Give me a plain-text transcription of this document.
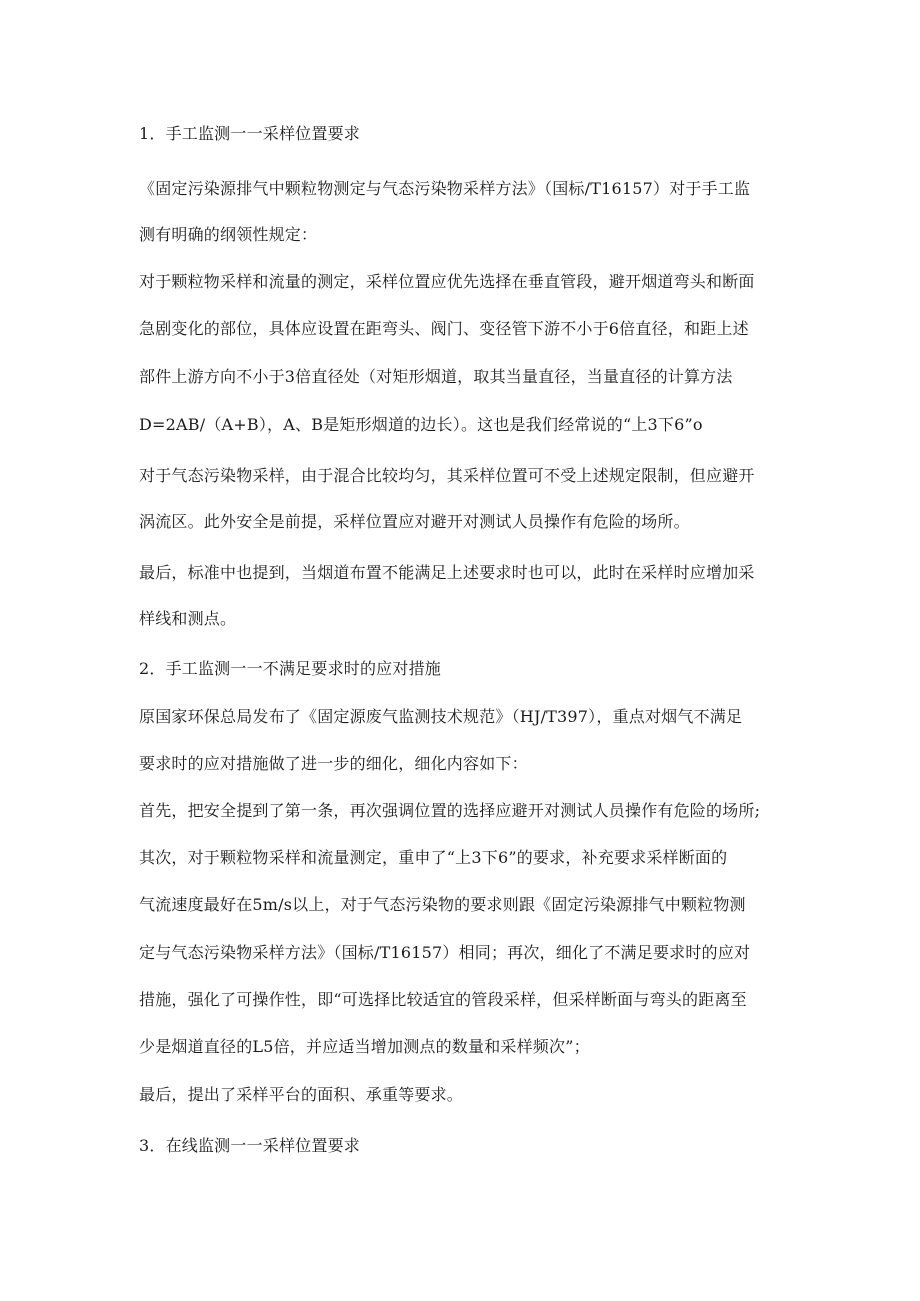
1．手工监测一一采样位置要求
《固定污染源排气中颗粒物测定与气态污染物采样方法》（国标/T16157）对于手工监
测有明确的纲领性规定：
对于颗粒物采样和流量的测定，采样位置应优先选择在垂直管段，避开烟道弯头和断面
急剧变化的部位，具体应设置在距弯头、阀门、变径管下游不小于6倍直径，和距上述
部件上游方向不小于3倍直径处（对矩形烟道，取其当量直径，当量直径的计算方法
D=2AB/（A+B），A、B是矩形烟道的边长）。这也是我们经常说的“上3下6”o
对于气态污染物采样，由于混合比较均匀，其采样位置可不受上述规定限制，但应避开
涡流区。此外安全是前提，采样位置应对避开对测试人员操作有危险的场所。
最后，标准中也提到，当烟道布置不能满足上述要求时也可以，此时在采样时应增加采
样线和测点。
2．手工监测一一不满足要求时的应对措施
原国家环保总局发布了《固定源废气监测技术规范》（HJ/T397），重点对烟气不满足
要求时的应对措施做了进一步的细化，细化内容如下：
首先，把安全提到了第一条，再次强调位置的选择应避开对测试人员操作有危险的场所;
其次，对于颗粒物采样和流量测定，重申了“上3下6”的要求，补充要求采样断面的
气流速度最好在5m/s以上，对于气态污染物的要求则跟《固定污染源排气中颗粒物测
定与气态污染物采样方法》（国标/T16157）相同；再次，细化了不满足要求时的应对
措施，强化了可操作性，即“可选择比较适宜的管段采样，但采样断面与弯头的距离至
少是烟道直径的L5倍，并应适当增加测点的数量和采样频次”；
最后，提出了采样平台的面积、承重等要求。
3．在线监测一一采样位置要求
